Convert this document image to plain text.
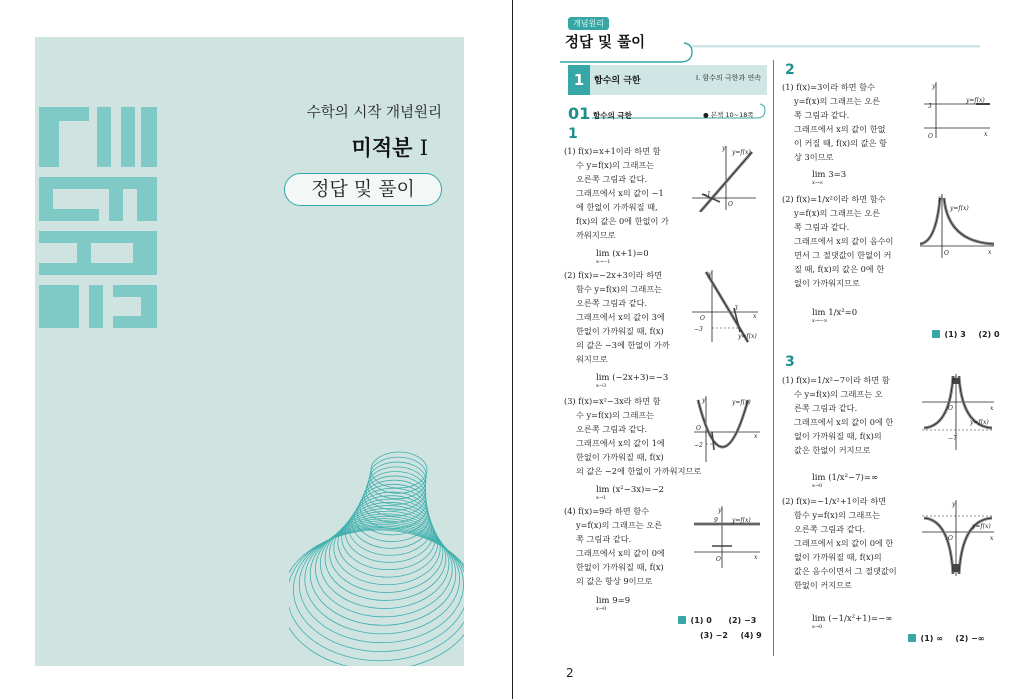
개념원리	수학의 시작 개념원리
미적분 I
정답 및 풀이
개념원리
정답 및 풀이
1	함수의 극한	Ⅰ. 함수의 극한과 연속
01 함수의 극한	● 본책 10~18쪽
1

(1) f(x)=x+1이라 하면 함

수 y=f(x)의 그래프는

오른쪽 그림과 같다.

그래프에서 x의 값이 −1

에 한없이 가까워질 때,

f(x)의 값은 0에 한없이 가

까워지므로

lim (x+1)=0
x→−1
y
y=f(x)
−1
O

(2) f(x)=−2x+3이라 하면

함수 y=f(x)의 그래프는

오른쪽 그림과 같다.

그래프에서 x의 값이 3에

한없이 가까워질 때, f(x)

의 값은 −3에 한없이 가까

워지므로

lim (−2x+3)=−3
x→3
y
O
3
−3
x
y=f(x)

(3) f(x)=x²−3x라 하면 함

수 y=f(x)의 그래프는

오른쪽 그림과 같다.

그래프에서 x의 값이 1에

한없이 가까워질 때, f(x)

의 값은 −2에 한없이 가까워지므로

lim (x²−3x)=−2
x→1
y	y=f(x)
O
−2
x

(4) f(x)=9라 하면 함수

y=f(x)의 그래프는 오른

쪽 그림과 같다.

그래프에서 x의 값이 0에

한없이 가까워질 때, f(x)

의 값은 항상 9이므로

lim 9=9
x→0
y
9 y=f(x)
O	x
(1) 0 (2) −3
(3) −2 (4) 9
2

(1) f(x)=3이라 하면 함수

y=f(x)의 그래프는 오른

쪽 그림과 같다.

그래프에서 x의 값이 한없

이 커질 때, f(x)의 값은 항

상 3이므로

lim 3=3
x→∞
y
3
y=f(x)
O	x

(2) f(x)=1/x²이라 하면 함수

y=f(x)의 그래프는 오른

쪽 그림과 같다.

그래프에서 x의 값이 음수이

면서 그 절댓값이 한없이 커

질 때, f(x)의 값은 0에 한

없이 가까워지므로

lim 1/x²=0
x→−∞
y
y=f(x)
O	x
(1) 3 (2) 0
3

(1) f(x)=1/x²−7이라 하면 함

수 y=f(x)의 그래프는 오

른쪽 그림과 같다.

그래프에서 x의 값이 0에 한

없이 가까워질 때, f(x)의

값은 한없이 커지므로

lim (1/x²−7)=∞
x→0
y
O	x
y=f(x)
−7

(2) f(x)=−1/x²+1이라 하면

함수 y=f(x)의 그래프는

오른쪽 그림과 같다.

그래프에서 x의 값이 0에 한

없이 가까워질 때, f(x)의

값은 음수이면서 그 절댓값이

한없이 커지므로

lim (−1/x²+1)=−∞
x→0
y
y=f(x)
O	x
(1) ∞ (2) −∞
2
